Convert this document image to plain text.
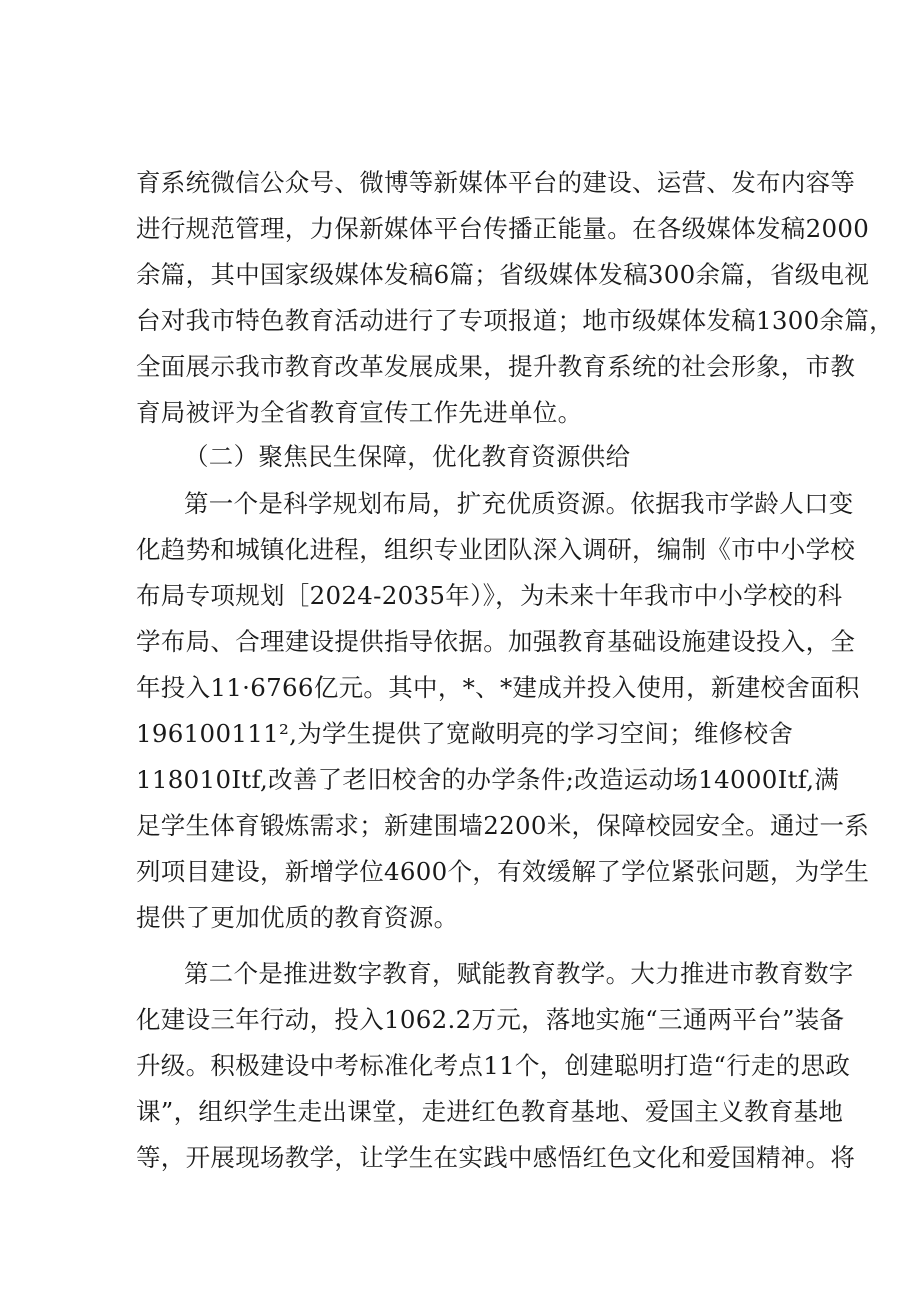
育系统微信公众号、微博等新媒体平台的建设、运营、发布内容等
进行规范管理，力保新媒体平台传播正能量。在各级媒体发稿2000
余篇，其中国家级媒体发稿6篇；省级媒体发稿300余篇，省级电视
台对我市特色教育活动进行了专项报道；地市级媒体发稿1300余篇，
全面展示我市教育改革发展成果，提升教育系统的社会形象，市教
育局被评为全省教育宣传工作先进单位。
（二）聚焦民生保障，优化教育资源供给
第一个是科学规划布局，扩充优质资源。依据我市学龄人口变
化趋势和城镇化进程，组织专业团队深入调研，编制《市中小学校
布局专项规划［2024-2035年）》，为未来十年我市中小学校的科
学布局、合理建设提供指导依据。加强教育基础设施建设投入，全
年投入11·6766亿元。其中，*、*建成并投入使用，新建校舍面积
196100111²,为学生提供了宽敞明亮的学习空间；维修校舍
118010Itf,改善了老旧校舍的办学条件;改造运动场14000Itf,满
足学生体育锻炼需求；新建围墙2200米，保障校园安全。通过一系
列项目建设，新增学位4600个，有效缓解了学位紧张问题，为学生
提供了更加优质的教育资源。
第二个是推进数字教育，赋能教育教学。大力推进市教育数字
化建设三年行动，投入1062.2万元，落地实施“三通两平台”装备
升级。积极建设中考标准化考点11个，创建聪明打造“行走的思政
课”，组织学生走出课堂，走进红色教育基地、爱国主义教育基地
等，开展现场教学，让学生在实践中感悟红色文化和爱国精神。将
